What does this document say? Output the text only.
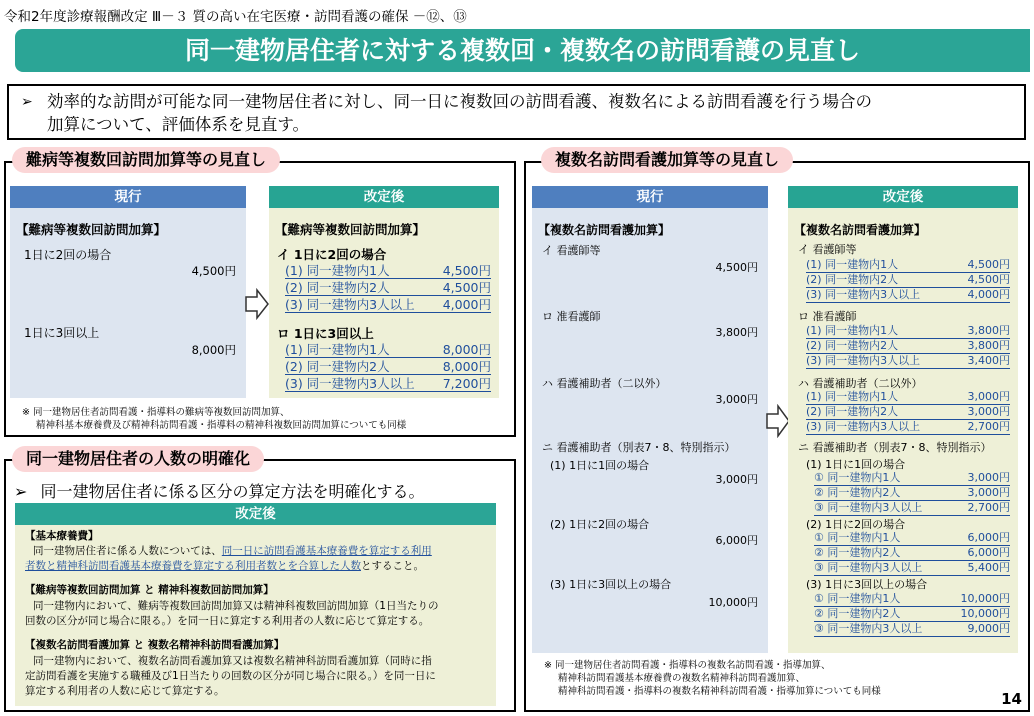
令和2年度診療報酬改定 Ⅲ－３ 質の高い在宅医療・訪問看護の確保 －⑫、⑬
同一建物居住者に対する複数回・複数名の訪問看護の見直し
➢ 効率的な訪問が可能な同一建物居住者に対し、同一日に複数回の訪問看護、複数名による訪問看護を行う場合の
加算について、評価体系を見直す。
難病等複数回訪問加算等の見直し
現行	改定後
【難病等複数回訪問加算】
1日に2回の場合
4,500円
1日に3回以上
8,000円
【難病等複数回訪問加算】
イ 1日に2回の場合
(1) 同一建物内1人	4,500円
(2) 同一建物内2人	4,500円
(3) 同一建物内3人以上 4,000円
ロ 1日に3回以上
(1) 同一建物内1人	8,000円
(2) 同一建物内2人	8,000円
(3) 同一建物内3人以上 7,200円
※ 同一建物居住者訪問看護・指導料の難病等複数回訪問加算、
精神科基本療養費及び精神科訪問看護・指導料の精神科複数回訪問加算についても同様
同一建物居住者の人数の明確化
➢ 同一建物居住者に係る区分の算定方法を明確化する。
改定後
【基本療養費】
同一建物居住者に係る人数については、同一日に訪問看護基本療養費を算定する利用
者数と精神科訪問看護基本療養費を算定する利用者数とを合算した人数とすること。
【難病等複数回訪問加算 と 精神科複数回訪問加算】
同一建物内において、難病等複数回訪問加算又は精神科複数回訪問加算（1日当たりの
回数の区分が同じ場合に限る。）を同一日に算定する利用者の人数に応じて算定する。
【複数名訪問看護加算 と 複数名精神科訪問看護加算】
同一建物内において、複数名訪問看護加算又は複数名精神科訪問看護加算（同時に指
定訪問看護を実施する職種及び1日当たりの回数の区分が同じ場合に限る。）を同一日に
算定する利用者の人数に応じて算定する。
複数名訪問看護加算等の見直し
現行	改定後
【複数名訪問看護加算】
イ 看護師等
4,500円
ロ 准看護師
3,800円
ハ 看護補助者（二以外）
3,000円
ニ 看護補助者（別表7・8、特別指示）
(1) 1日に1回の場合
3,000円
(2) 1日に2回の場合
6,000円
(3) 1日に3回以上の場合
10,000円
【複数名訪問看護加算】
イ 看護師等
(1) 同一建物内1人	4,500円
(2) 同一建物内2人	4,500円
(3) 同一建物内3人以上	4,000円
ロ 准看護師
(1) 同一建物内1人	3,800円
(2) 同一建物内2人	3,800円
(3) 同一建物内3人以上	3,400円
ハ 看護補助者（二以外）
(1) 同一建物内1人	3,000円
(2) 同一建物内2人	3,000円
(3) 同一建物内3人以上	2,700円
ニ 看護補助者（別表7・8、特別指示）
(1) 1日に1回の場合
① 同一建物内1人	3,000円
② 同一建物内2人	3,000円
③ 同一建物内3人以上	2,700円
(2) 1日に2回の場合
① 同一建物内1人	6,000円
② 同一建物内2人	6,000円
③ 同一建物内3人以上	5,400円
(3) 1日に3回以上の場合
① 同一建物内1人	10,000円
② 同一建物内2人	10,000円
③ 同一建物内3人以上	9,000円
※ 同一建物居住者訪問看護・指導料の複数名訪問看護・指導加算、
精神科訪問看護基本療養費の複数名精神科訪問看護加算、
精神科訪問看護・指導料の複数名精神科訪問看護・指導加算についても同様	14
